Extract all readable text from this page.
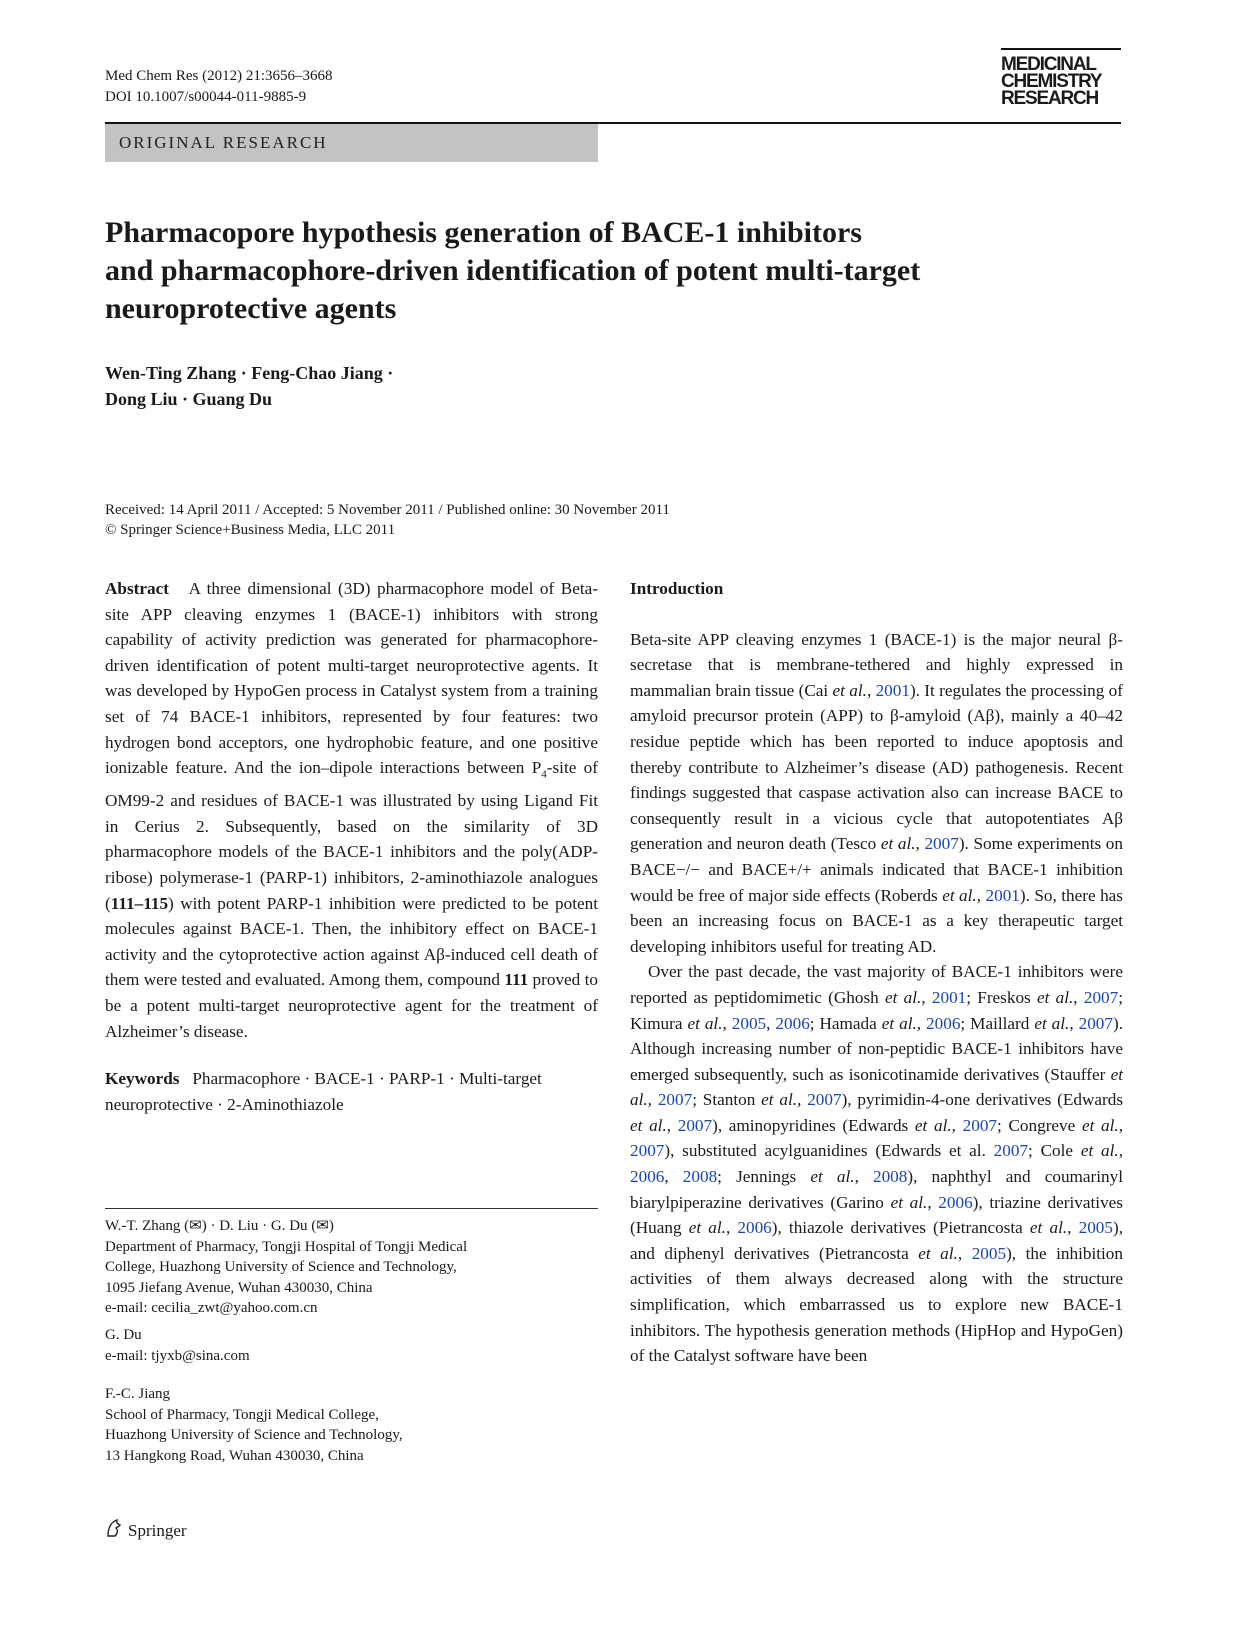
Med Chem Res (2012) 21:3656–3668
DOI 10.1007/s00044-011-9885-9
MEDICINAL
CHEMISTRY
RESEARCH
ORIGINAL RESEARCH
Pharmacopore hypothesis generation of BACE-1 inhibitors
and pharmacophore-driven identification of potent multi-target
neuroprotective agents
Wen-Ting Zhang · Feng-Chao Jiang ·
Dong Liu · Guang Du
Received: 14 April 2011 / Accepted: 5 November 2011 / Published online: 30 November 2011
© Springer Science+Business Media, LLC 2011

Abstract A three dimensional (3D) pharmacophore model of Beta-site APP cleaving enzymes 1 (BACE-1) inhibitors with strong capability of activity prediction was generated for pharmacophore-driven identification of potent multi-target neuroprotective agents. It was developed by HypoGen process in Catalyst system from a training set of 74 BACE-1 inhibitors, represented by four features: two hydrogen bond acceptors, one hydrophobic feature, and one positive ionizable feature. And the ion–dipole interactions between $P_4$-site of OM99-2 and residues of BACE-1 was illustrated by using Ligand Fit in Cerius 2. Subsequently, based on the similarity of 3D pharmacophore models of the BACE-1 inhibitors and the poly(ADP-ribose) polymerase-1 (PARP-1) inhibitors, 2-aminothiazole analogues (111–115) with potent PARP-1 inhibition were predicted to be potent molecules against BACE-1. Then, the inhibitory effect on BACE-1 activity and the cytoprotective action against Aβ-induced cell death of them were tested and evaluated. Among them, compound 111 proved to be a potent multi-target neuroprotective agent for the treatment of Alzheimer’s disease.

Keywords Pharmacophore · BACE-1 · PARP-1 · Multi-target neuroprotective · 2-Aminothiazole

W.-T. Zhang (✉) · D. Liu · G. Du (✉)

Department of Pharmacy, Tongji Hospital of Tongji Medical

College, Huazhong University of Science and Technology,

1095 Jiefang Avenue, Wuhan 430030, China

e-mail: cecilia_zwt@yahoo.com.cn

G. Du

e-mail: tjyxb@sina.com

F.-C. Jiang

School of Pharmacy, Tongji Medical College,

Huazhong University of Science and Technology,

13 Hangkong Road, Wuhan 430030, China

Introduction

Beta-site APP cleaving enzymes 1 (BACE-1) is the major neural β-secretase that is membrane-tethered and highly expressed in mammalian brain tissue (Cai et al., 2001). It regulates the processing of amyloid precursor protein (APP) to β-amyloid (Aβ), mainly a 40–42 residue peptide which has been reported to induce apoptosis and thereby contribute to Alzheimer’s disease (AD) pathogenesis. Recent findings suggested that caspase activation also can increase BACE to consequently result in a vicious cycle that autopotentiates Aβ generation and neuron death (Tesco et al., 2007). Some experiments on BACE−/− and BACE+/+ animals indicated that BACE-1 inhibition would be free of major side effects (Roberds et al., 2001). So, there has been an increasing focus on BACE-1 as a key therapeutic target developing inhibitors useful for treating AD.

Over the past decade, the vast majority of BACE-1 inhibitors were reported as peptidomimetic (Ghosh et al., 2001; Freskos et al., 2007; Kimura et al., 2005, 2006; Hamada et al., 2006; Maillard et al., 2007). Although increasing number of non-peptidic BACE-1 inhibitors have emerged subsequently, such as isonicotinamide derivatives (Stauffer et al., 2007; Stanton et al., 2007), pyrimidin-4-one derivatives (Edwards et al., 2007), aminopyridines (Edwards et al., 2007; Congreve et al., 2007), substituted acylguanidines (Edwards et al. 2007; Cole et al., 2006, 2008; Jennings et al., 2008), naphthyl and coumarinyl biarylpiperazine derivatives (Garino et al., 2006), triazine derivatives (Huang et al., 2006), thiazole derivatives (Pietrancosta et al., 2005), and diphenyl derivatives (Pietrancosta et al., 2005), the inhibition activities of them always decreased along with the structure simplification, which embarrassed us to explore new BACE-1 inhibitors. The hypothesis generation methods (HipHop and HypoGen) of the Catalyst software have been

Springer
